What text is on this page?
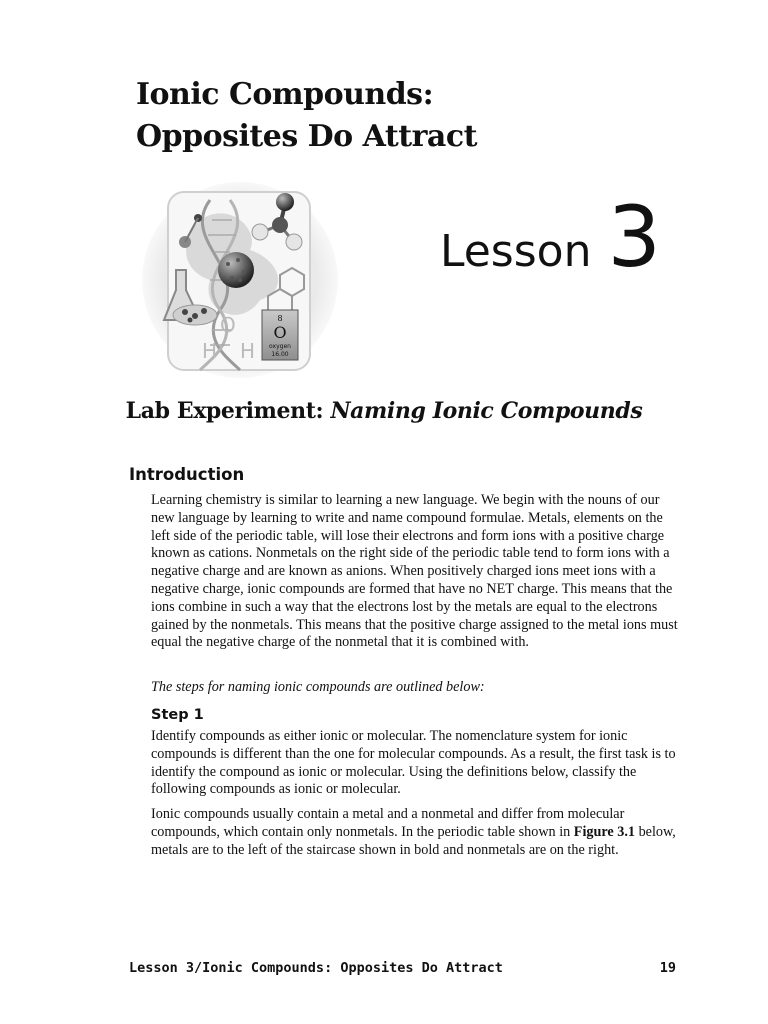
Ionic Compounds:
Opposites Do Attract
H
O
H
8
O
oxygen
16.00
Lesson 3
Lab Experiment: Naming Ionic Compounds
Introduction

Learning chemistry is similar to learning a new language. We begin with the nouns of our new language by learning to write and name compound formulae. Metals, elements on the left side of the periodic table, will lose their electrons and form ions with a positive charge known as cations. Nonmetals on the right side of the periodic table tend to form ions with a negative charge and are known as anions. When positively charged ions meet ions with a negative charge, ionic compounds are formed that have no NET charge. This means that the ions combine in such a way that the electrons lost by the metals are equal to the electrons gained by the nonmetals. This means that the positive charge assigned to the metal ions must equal the negative charge of the nonmetal that it is combined with.

The steps for naming ionic compounds are outlined below:

Step 1

Identify compounds as either ionic or molecular. The nomenclature system for ionic compounds is different than the one for molecular compounds. As a result, the first task is to identify the compound as ionic or molecular. Using the definitions below, classify the following compounds as ionic or molecular.

Ionic compounds usually contain a metal and a nonmetal and differ from molecular compounds, which contain only nonmetals. In the periodic table shown in Figure 3.1 below, metals are to the left of the staircase shown in bold and nonmetals are on the right.

Lesson 3/Ionic Compounds: Opposites Do Attract	19
